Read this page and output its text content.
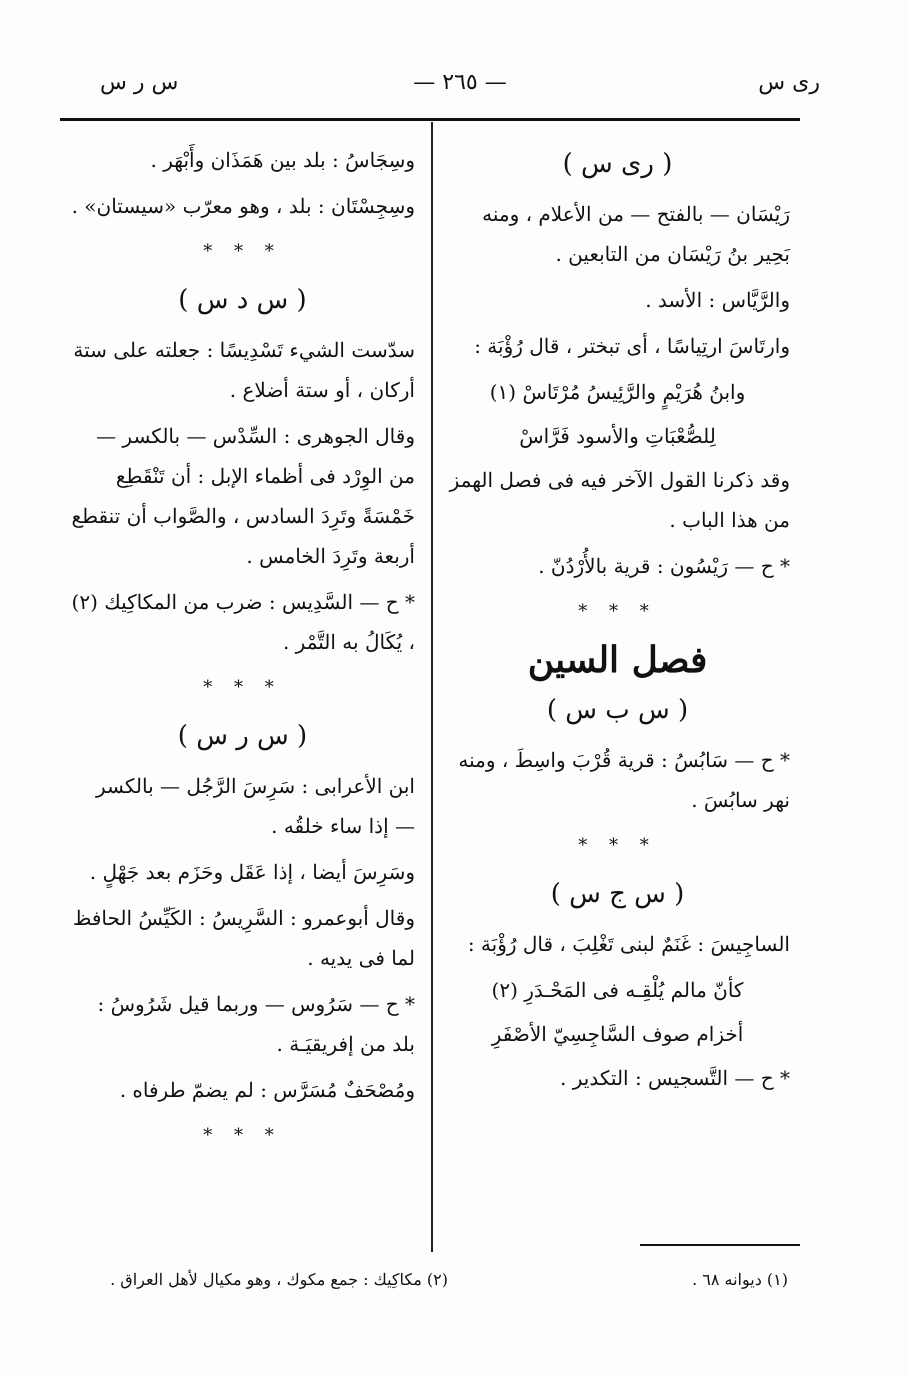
رى س
— ٢٦٥ —
س ر س
( رى س )

رَيْسَان — بالفتح — من الأعلام ، ومنه بَحِير بنُ رَيْسَان من التابعين .

والرَّيَّاس : الأسد .

وارتَاسَ ارتِياسًا ، أى تبختر ، قال رُؤْبَة :

وابنُ هُرَيْمٍ والرَّئِيسُ مُرْتَاسْ (١)
لِلصُّعْبَاتِ والأسود فَرَّاسْ

وقد ذكرنا القول الآخر فيه فى فصل الهمز من هذا الباب .

* ح — رَيْسُون : قرية بالأُرْدُنّ .

* * *
فصل السين
( س ب س )

* ح — سَابُسُ : قرية قُرْبَ واسِطَ ، ومنه نهر سابُسَ .

* * *
( س ج س )

الساجِيسَ : غَنَمٌ لبنى تَغْلِبَ ، قال رُؤْبَة :

كأنّ مالم يُلْقِـه فى المَحْـدَرِ (٢)
أخزام صوف السَّاجِسِيّ الأصْفَرِ

* ح — التَّسجيس : التكدير .

وسِجَاسُ : بلد بين هَمَذَان وأَبْهَر .

وسِجِسْتَان : بلد ، وهو معرّب «سيستان» .

* * *
( س د س )

سدّست الشيء تَسْدِيسًا : جعلته على ستة أركان ، أو ستة أضلاع .

وقال الجوهرى : السِّدْس — بالكسر — من الوِرْد فى أظماء الإبل : أن تَنْقَطِع خَمْسَةً وتَرِدَ السادس ، والصَّواب أن تنقطع أربعة وتَرِدَ الخامس .

* ح — السَّدِيس : ضرب من المكاكِيك (٢) ، يُكَالُ به التَّمْر .

* * *
( س ر س )

ابن الأعرابى : سَرِسَ الرَّجُل — بالكسر — إذا ساء خلقُه .

وسَرِسَ أيضا ، إذا عَقَل وحَزَم بعد جَهْلٍ .

وقال أبوعمرو : السَّرِيسُ : الكَيِّسُ الحافظ لما فى يديه .

* ح — سَرُوس — وربما قيل شَرُوسُ : بلد من إفريقيَـة .

ومُصْحَفٌ مُسَرَّس : لم يضمّ طرفاه .

* * *
(١) ديوانه ٦٨ .
(٢) مكاكِيك : جمع مكوك ، وهو مكيال لأهل العراق .
